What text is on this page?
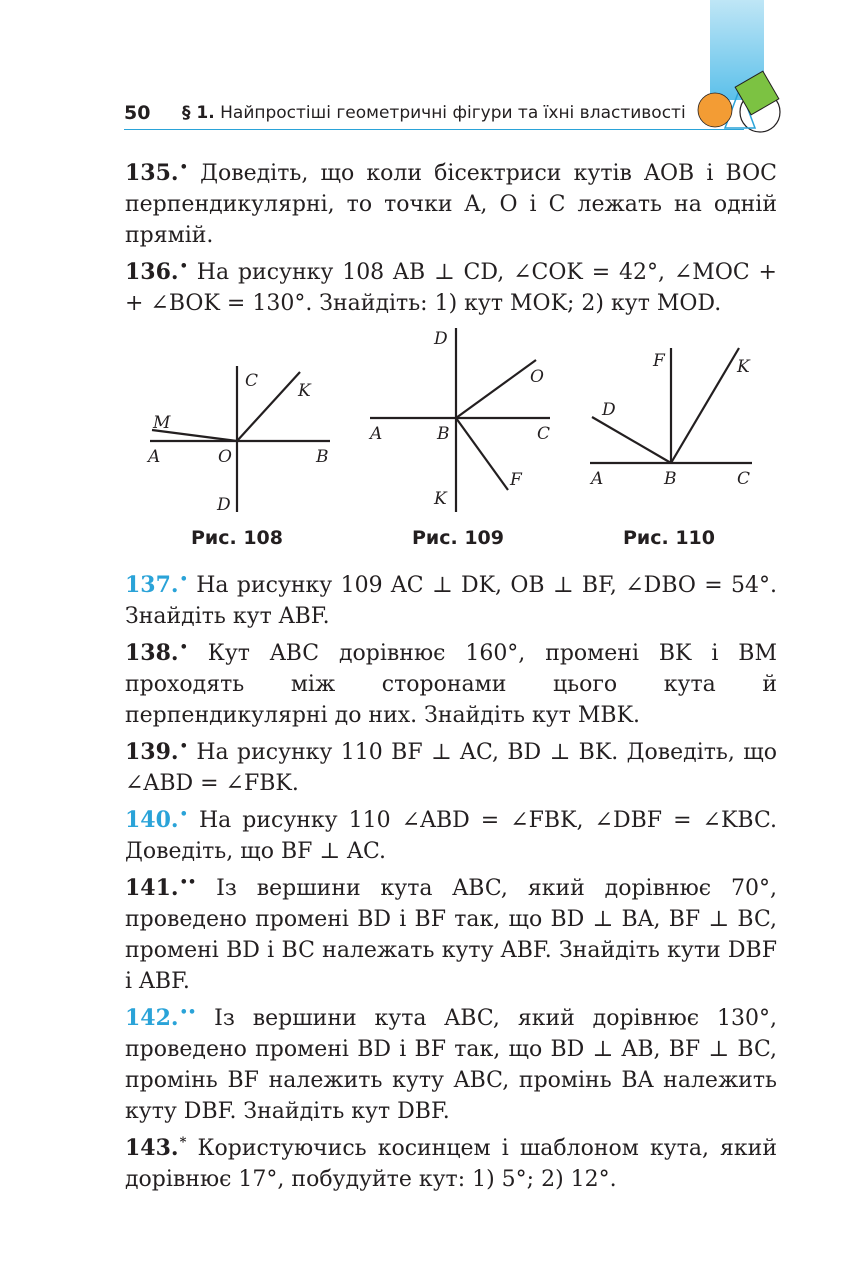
50 § 1. Найпростіші геометричні фігури та їхні властивості

135.• Доведіть, що коли бісектриси кутів AOB і BOC перпендикулярні, то точки A, O і C лежать на одній прямій.

136.• На рисунку 108 AB ⊥ CD, ∠COK = 42°, ∠MOC + + ∠BOK = 130°. Знайдіть: 1) кут MOK; 2) кут MOD.

C K
M
A	O	B
D
D
O
A	B	C
F
K
F	K
D
A	B	C
Рис. 108	Рис. 109	Рис. 110

137.• На рисунку 109 AC ⊥ DK, OB ⊥ BF, ∠DBO = 54°. Знайдіть кут ABF.

138.• Кут ABC дорівнює 160°, промені BK і BM проходять між сторонами цього кута й перпендикулярні до них. Знайдіть кут MBK.

139.• На рисунку 110 BF ⊥ AC, BD ⊥ BK. Доведіть, що ∠ABD = ∠FBK.

140.• На рисунку 110 ∠ABD = ∠FBK, ∠DBF = ∠KBC. Доведіть, що BF ⊥ AC.

141.•• Із вершини кута ABC, який дорівнює 70°, проведено промені BD і BF так, що BD ⊥ BA, BF ⊥ BC, промені BD і BC належать куту ABF. Знайдіть кути DBF і ABF.

142.•• Із вершини кута ABC, який дорівнює 130°, проведено промені BD і BF так, що BD ⊥ AB, BF ⊥ BC, промінь BF належить куту ABC, промінь BA належить куту DBF. Знайдіть кут DBF.

143.* Користуючись косинцем і шаблоном кута, який дорівнює 17°, побудуйте кут: 1) 5°; 2) 12°.
